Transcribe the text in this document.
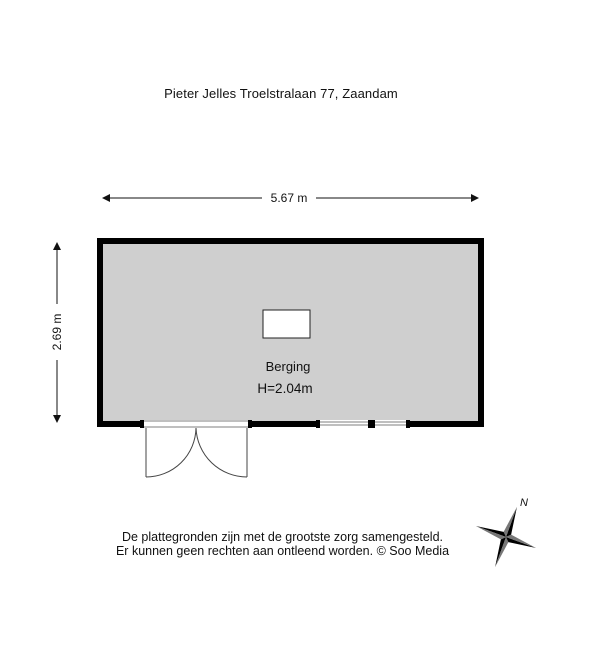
Pieter Jelles Troelstralaan 77, Zaandam
5.67 m
2.69 m
Berging
H=2.04m
N
De plattegronden zijn met de grootste zorg samengesteld.
Er kunnen geen rechten aan ontleend worden. © Soo Media
